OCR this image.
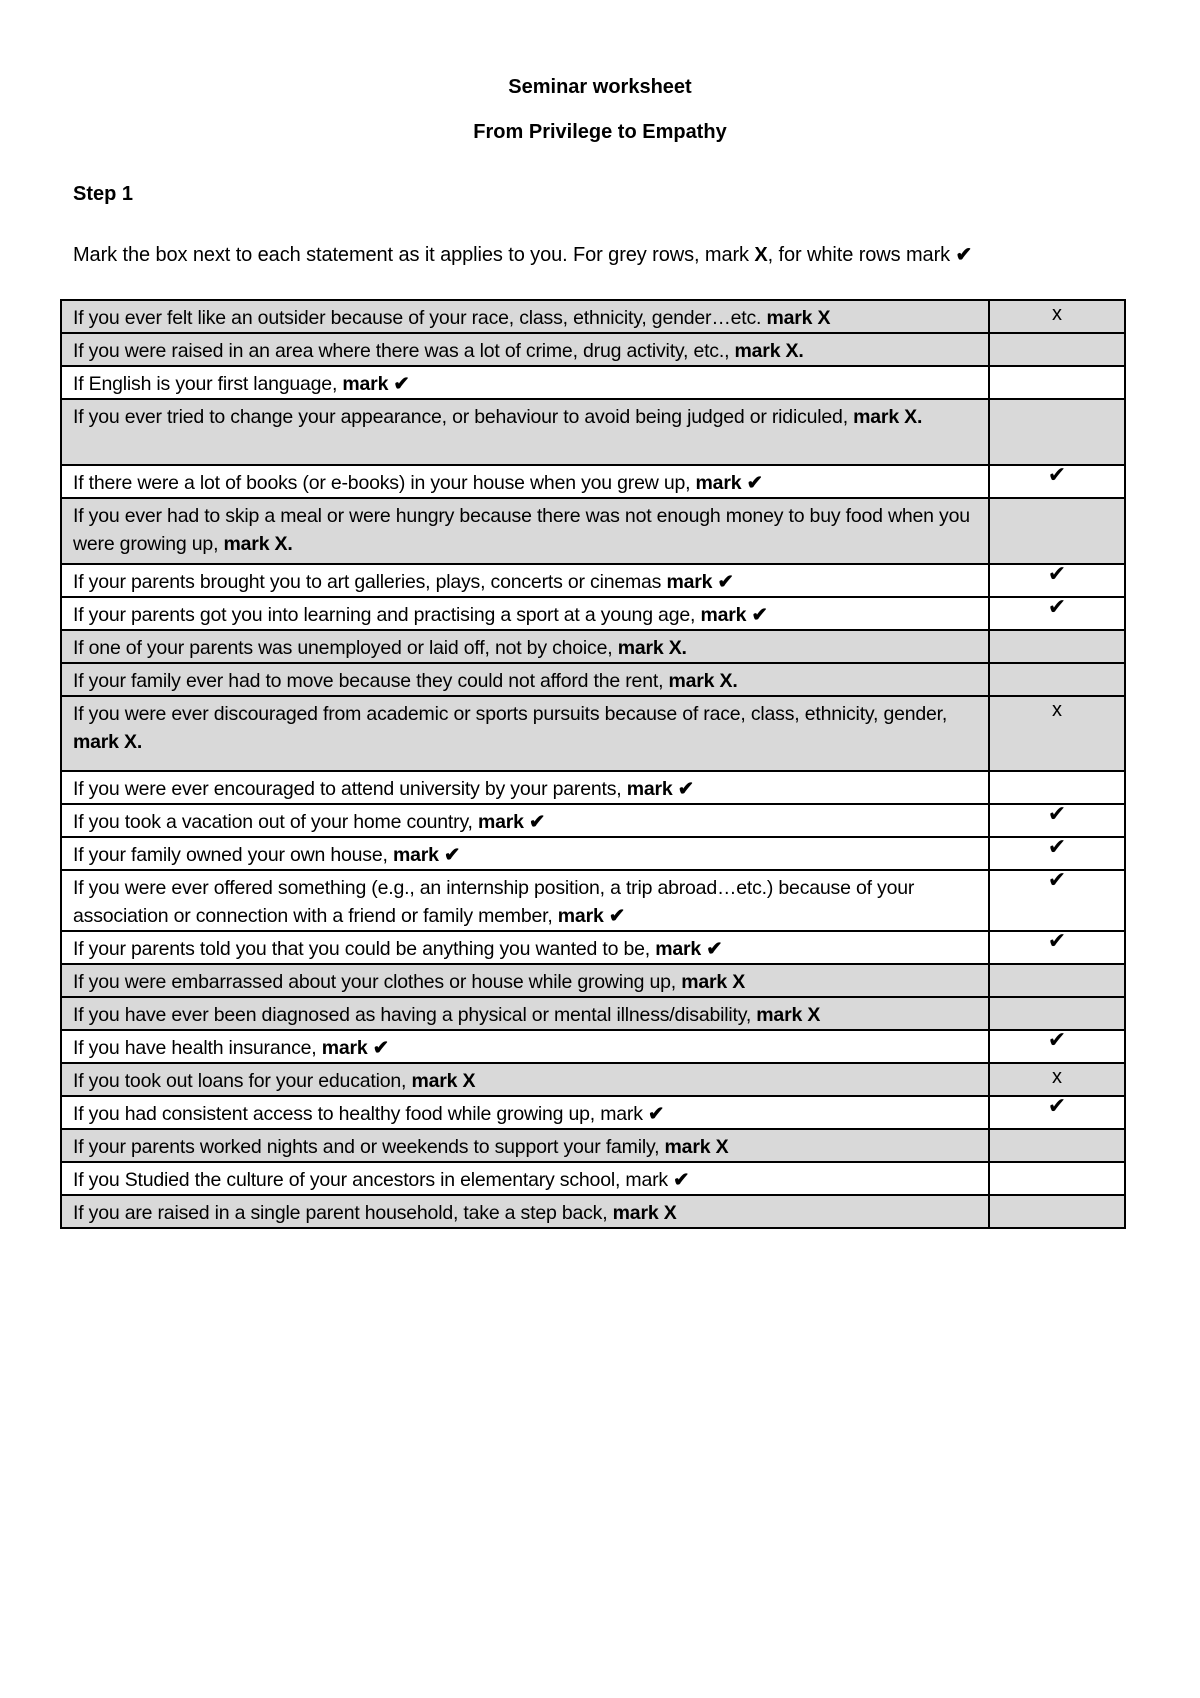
Seminar worksheet
From Privilege to Empathy
Step 1
Mark the box next to each statement as it applies to you. For grey rows, mark X, for white rows mark ✔
If you ever felt like an outsider because of your race, class, ethnicity, gender…etc. mark X	x
If you were raised in an area where there was a lot of crime, drug activity, etc., mark X.	
If English is your first language, mark ✔	
If you ever tried to change your appearance, or behaviour to avoid being judged or ridiculed, mark X.	
If there were a lot of books (or e-books) in your house when you grew up, mark ✔	✔
If you ever had to skip a meal or were hungry because there was not enough money to buy food when you were growing up, mark X.	
If your parents brought you to art galleries, plays, concerts or cinemas mark ✔	✔
If your parents got you into learning and practising a sport at a young age, mark ✔	✔
If one of your parents was unemployed or laid off, not by choice, mark X.	
If your family ever had to move because they could not afford the rent, mark X.	
If you were ever discouraged from academic or sports pursuits because of race, class, ethnicity, gender, mark X.	x
If you were ever encouraged to attend university by your parents, mark ✔	
If you took a vacation out of your home country, mark ✔	✔
If your family owned your own house, mark ✔	✔
If you were ever offered something (e.g., an internship position, a trip abroad…etc.) because of your association or connection with a friend or family member, mark ✔	✔
If your parents told you that you could be anything you wanted to be, mark ✔	✔
If you were embarrassed about your clothes or house while growing up, mark X	
If you have ever been diagnosed as having a physical or mental illness/disability, mark X	
If you have health insurance, mark ✔	✔
If you took out loans for your education, mark X	x
If you had consistent access to healthy food while growing up, mark ✔	✔
If your parents worked nights and or weekends to support your family, mark X	
If you Studied the culture of your ancestors in elementary school, mark ✔	
If you are raised in a single parent household, take a step back, mark X	
